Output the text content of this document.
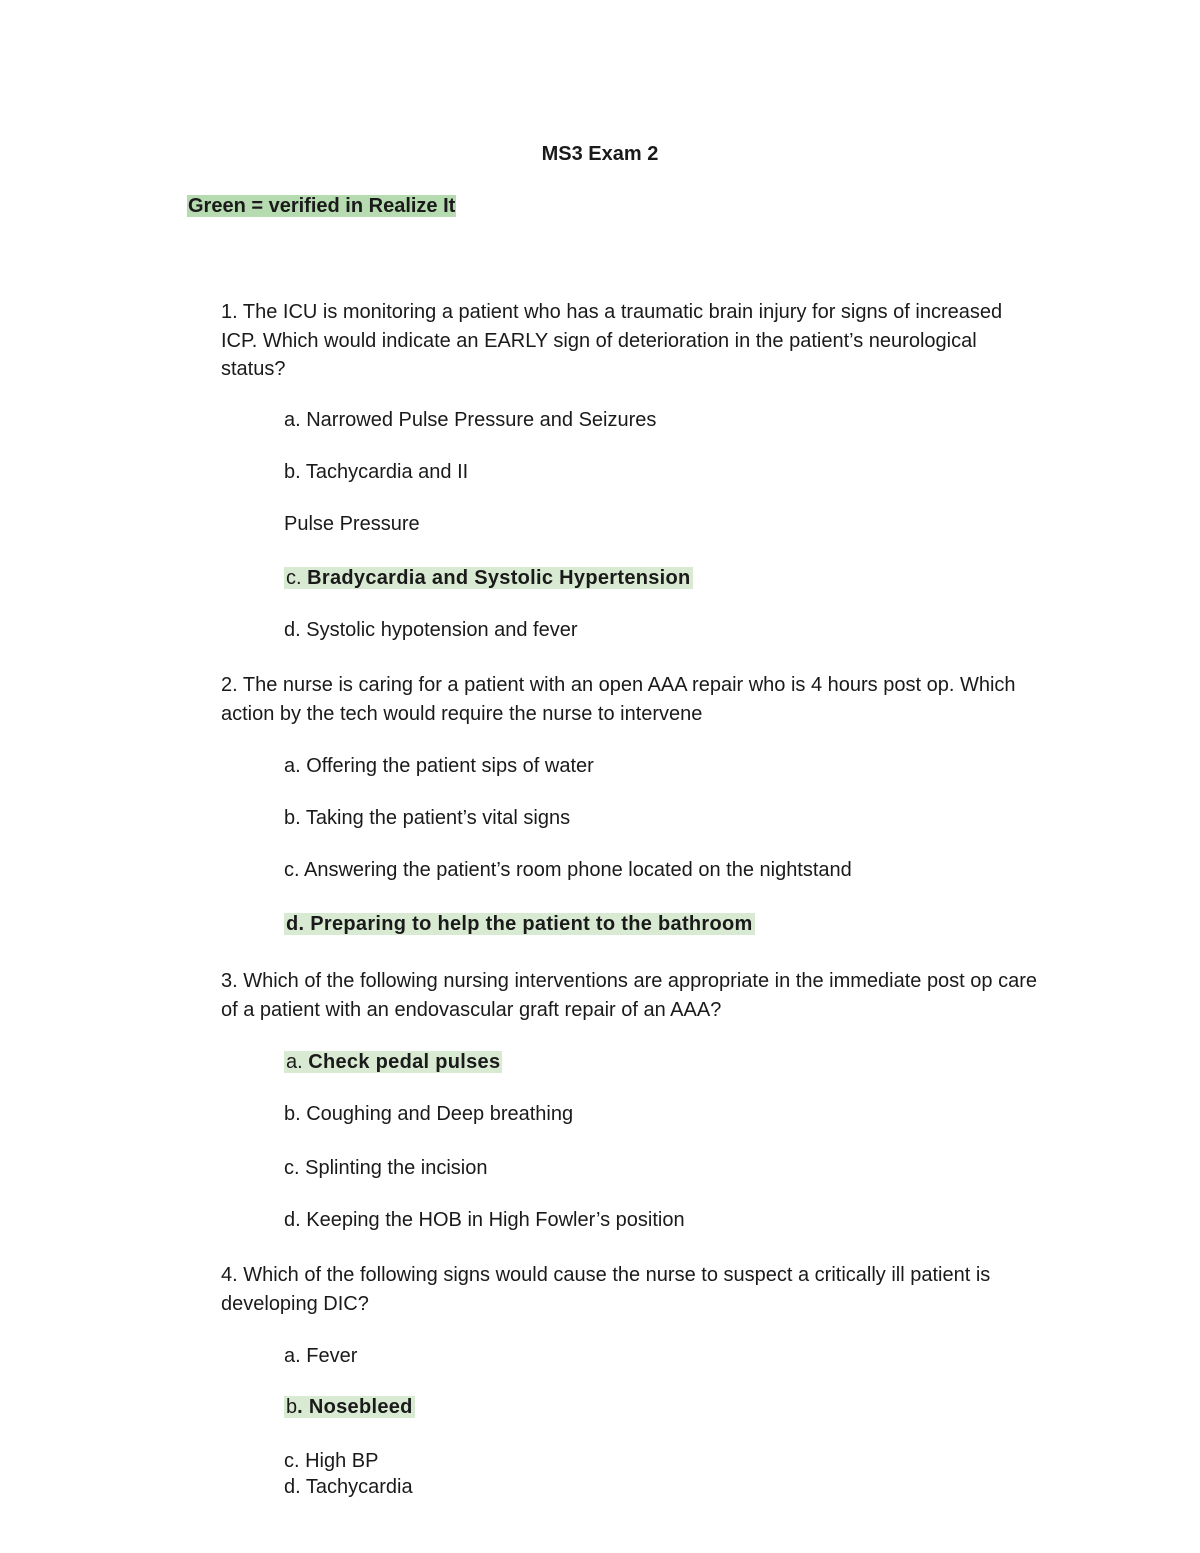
MS3 Exam 2
Green = verified in Realize It
1. The ICU is monitoring a patient who has a traumatic brain injury for signs of increased ICP. Which would indicate an EARLY sign of deterioration in the patient’s neurological status?
a. Narrowed Pulse Pressure and Seizures
b. Tachycardia and II
Pulse Pressure
c. Bradycardia and Systolic Hypertension
d. Systolic hypotension and fever
2. The nurse is caring for a patient with an open AAA repair who is 4 hours post op. Which action by the tech would require the nurse to intervene
a. Offering the patient sips of water
b. Taking the patient’s vital signs
c. Answering the patient’s room phone located on the nightstand
d. Preparing to help the patient to the bathroom
3. Which of the following nursing interventions are appropriate in the immediate post op care of a patient with an endovascular graft repair of an AAA?
a. Check pedal pulses
b. Coughing and Deep breathing
c. Splinting the incision
d. Keeping the HOB in High Fowler’s position
4. Which of the following signs would cause the nurse to suspect a critically ill patient is developing DIC?
a. Fever
b. Nosebleed
c. High BP
d. Tachycardia
